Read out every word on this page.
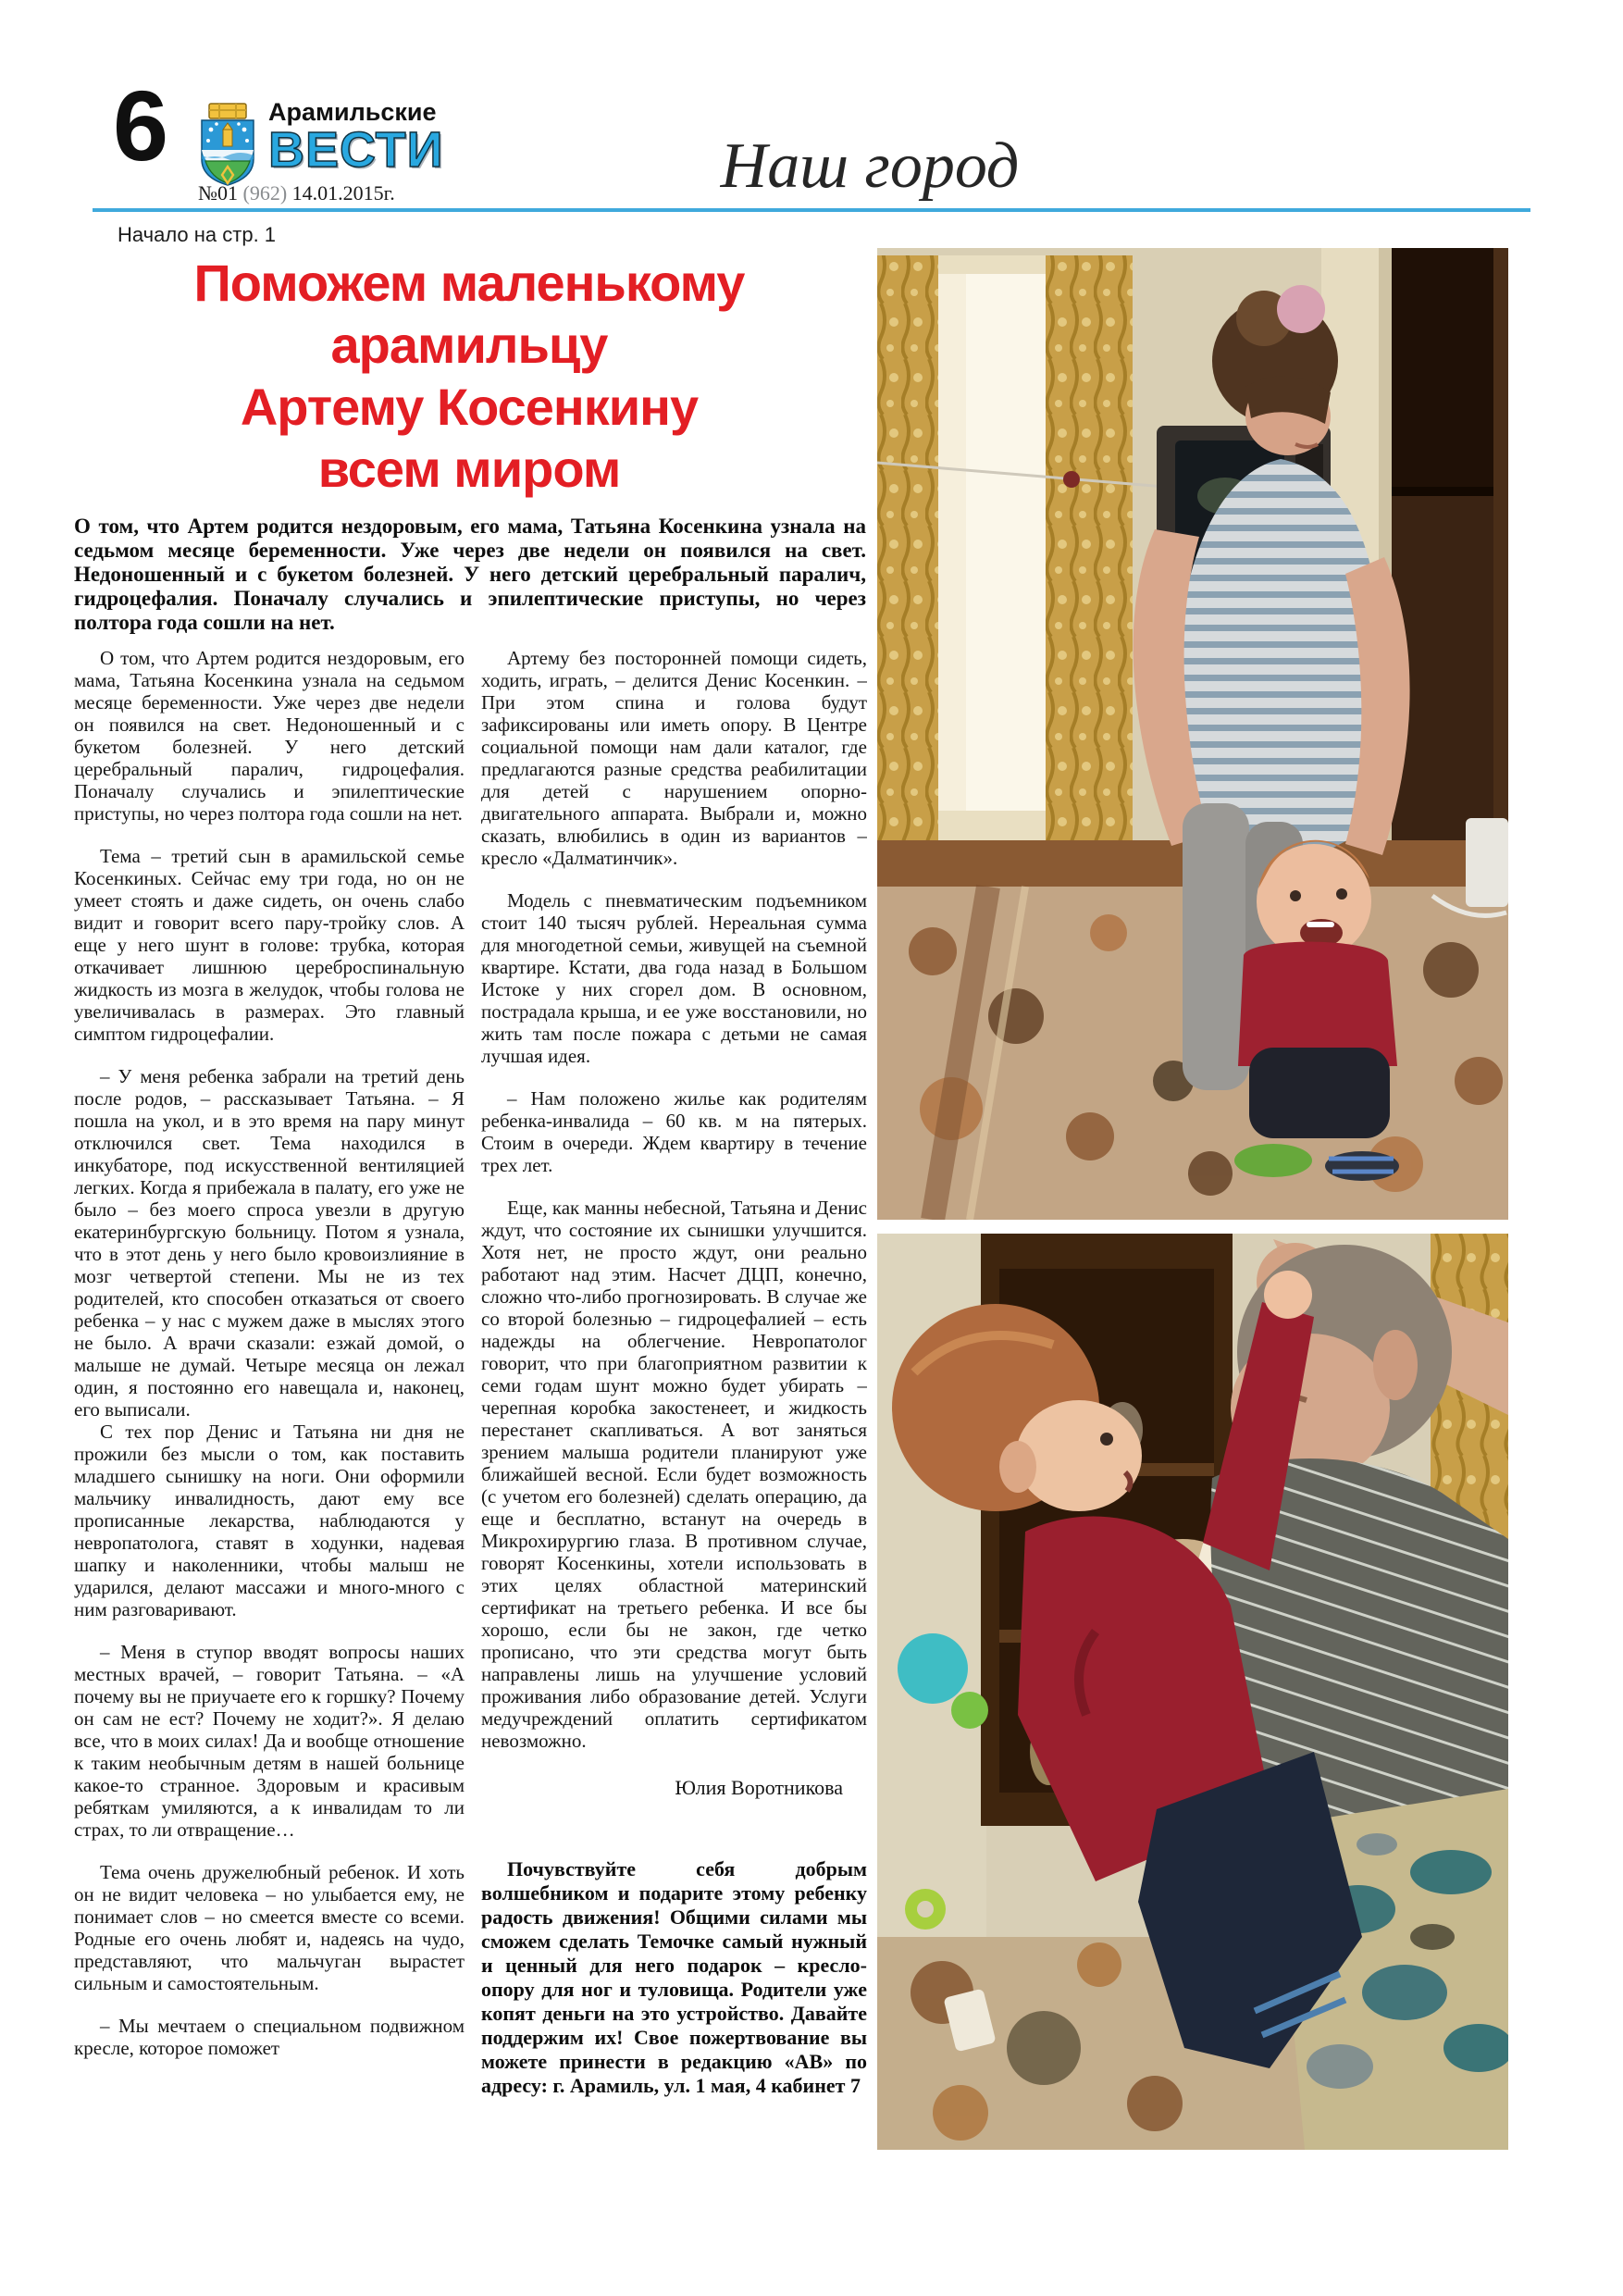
6	Арамильские
ВЕСТИ
№01 (962) 14.01.2015г.	Наш город
Начало на стр. 1
Поможем маленькому
арамильцу
Артему Косенкину
всем миром
О том, что Артем родится нездоровым, его мама, Татьяна Косенкина узнала на седьмом месяце беременности. Уже через две недели он появился на свет. Недоношенный и с букетом болезней. У него детский церебральный паралич, гидроцефалия. Поначалу случались и эпилептические приступы, но через полтора года сошли на нет.

О том, что Артем родится нездоровым, его мама, Татьяна Косенкина узнала на седьмом месяце беременности. Уже через две недели он появился на свет. Недоношенный и с букетом болезней. У него детский церебральный паралич, гидроцефалия. Поначалу случались и эпилептические приступы, но через полтора года сошли на нет.

Тема – третий сын в арамильской семье Косенкиных. Сейчас ему три года, но он не умеет стоять и даже сидеть, он очень слабо видит и говорит всего пару-тройку слов. А еще у него шунт в голове: трубка, которая откачивает лишнюю цереброспинальную жидкость из мозга в желудок, чтобы голова не увеличивалась в размерах. Это главный симптом гидроцефалии.

– У меня ребенка забрали на третий день после родов, – рассказывает Татьяна. – Я пошла на укол, и в это время на пару минут отключился свет. Тема находился в инкубаторе, под искусственной вентиляцией легких. Когда я прибежала в палату, его уже не было – без моего спроса увезли в другую екатеринбургскую больницу. Потом я узнала, что в этот день у него было кровоизлияние в мозг четвертой степени. Мы не из тех родителей, кто способен отказаться от своего ребенка – у нас с мужем даже в мыслях этого не было. А врачи сказали: езжай домой, о малыше не думай. Четыре месяца он лежал один, я постоянно его навещала и, наконец, его выписали.

С тех пор Денис и Татьяна ни дня не прожили без мысли о том, как поставить младшего сынишку на ноги. Они оформили мальчику инвалидность, дают ему все прописанные лекарства, наблюдаются у невропатолога, ставят в ходунки, надевая шапку и наколенники, чтобы малыш не ударился, делают массажи и много-много с ним разговаривают.

– Меня в ступор вводят вопросы наших местных врачей, – говорит Татьяна. – «А почему вы не приучаете его к горшку? Почему он сам не ест? Почему не ходит?». Я делаю все, что в моих силах! Да и вообще отношение к таким необычным детям в нашей больнице какое-то странное. Здоровым и красивым ребяткам умиляются, а к инвалидам то ли страх, то ли отвращение…

Тема очень дружелюбный ребенок. И хоть он не видит человека – но улыбается ему, не понимает слов – но смеется вместе со всеми. Родные его очень любят и, надеясь на чудо, представляют, что мальчуган вырастет сильным и самостоятельным.

– Мы мечтаем о специальном подвижном кресле, которое поможет

Артему без посторонней помощи сидеть, ходить, играть, – делится Денис Косенкин. – При этом спина и голова будут зафиксированы или иметь опору. В Центре социальной помощи нам дали каталог, где предлагаются разные средства реабилитации для детей с нарушением опорно-двигательного аппарата. Выбрали и, можно сказать, влюбились в один из вариантов – кресло «Далматинчик».

Модель с пневматическим подъемником стоит 140 тысяч рублей. Нереальная сумма для многодетной семьи, живущей на съемной квартире. Кстати, два года назад в Большом Истоке у них сгорел дом. В основном, пострадала крыша, и ее уже восстановили, но жить там после пожара с детьми не самая лучшая идея.

– Нам положено жилье как родителям ребенка-инвалида – 60 кв. м на пятерых. Стоим в очереди. Ждем квартиру в течение трех лет.

Еще, как манны небесной, Татьяна и Денис ждут, что состояние их сынишки улучшится. Хотя нет, не просто ждут, они реально работают над этим. Насчет ДЦП, конечно, сложно что-либо прогнозировать. В случае же со второй болезнью – гидроцефалией – есть надежды на облегчение. Невропатолог говорит, что при благоприятном развитии к семи годам шунт можно будет убирать – черепная коробка закостенеет, и жидкость перестанет скапливаться. А вот заняться зрением малыша родители планируют уже ближайшей весной. Если будет возможность (с учетом его болезней) сделать операцию, да еще и бесплатно, встанут на очередь в Микрохирургию глаза. В противном случае, говорят Косенкины, хотели использовать в этих целях областной материнский сертификат на третьего ребенка. И все бы хорошо, если бы не закон, где четко прописано, что эти средства могут быть направлены лишь на улучшение условий проживания либо образование детей. Услуги медучреждений оплатить сертификатом невозможно.

Юлия Воротникова
Почувствуйте себя добрым волшебником и подарите этому ребенку радость движения! Общими силами мы сможем сделать Темочке самый нужный и ценный для него подарок – кресло-опору для ног и туловища. Родители уже копят деньги на это устройство. Давайте поддержим их! Свое пожертвование вы можете принести в редакцию «АВ» по адресу: г. Арамиль, ул. 1 мая, 4 кабинет 7
